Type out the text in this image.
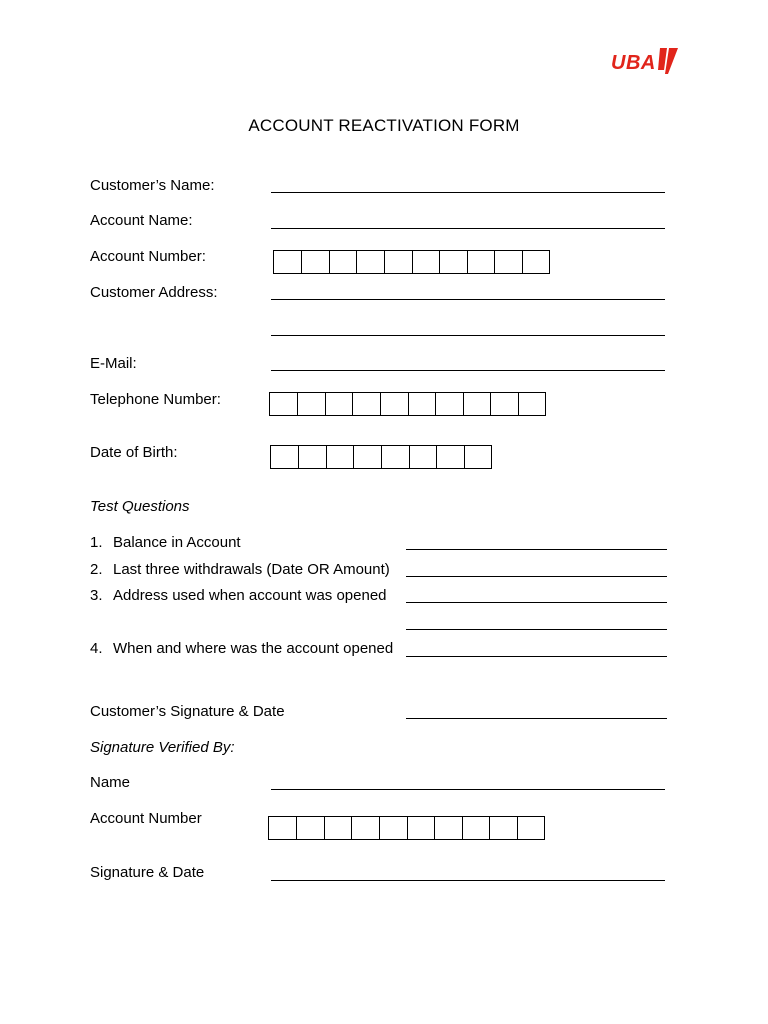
UBA
ACCOUNT REACTIVATION FORM
Customer’s Name:
Account Name:
Account Number:
Customer Address:
E-Mail:
Telephone Number:
Date of Birth:
Test Questions
1. Balance in Account
2. Last three withdrawals (Date OR Amount)
3. Address used when account was opened
4. When and where was the account opened
Customer’s Signature & Date
Signature Verified By:
Name
Account Number
Signature & Date
